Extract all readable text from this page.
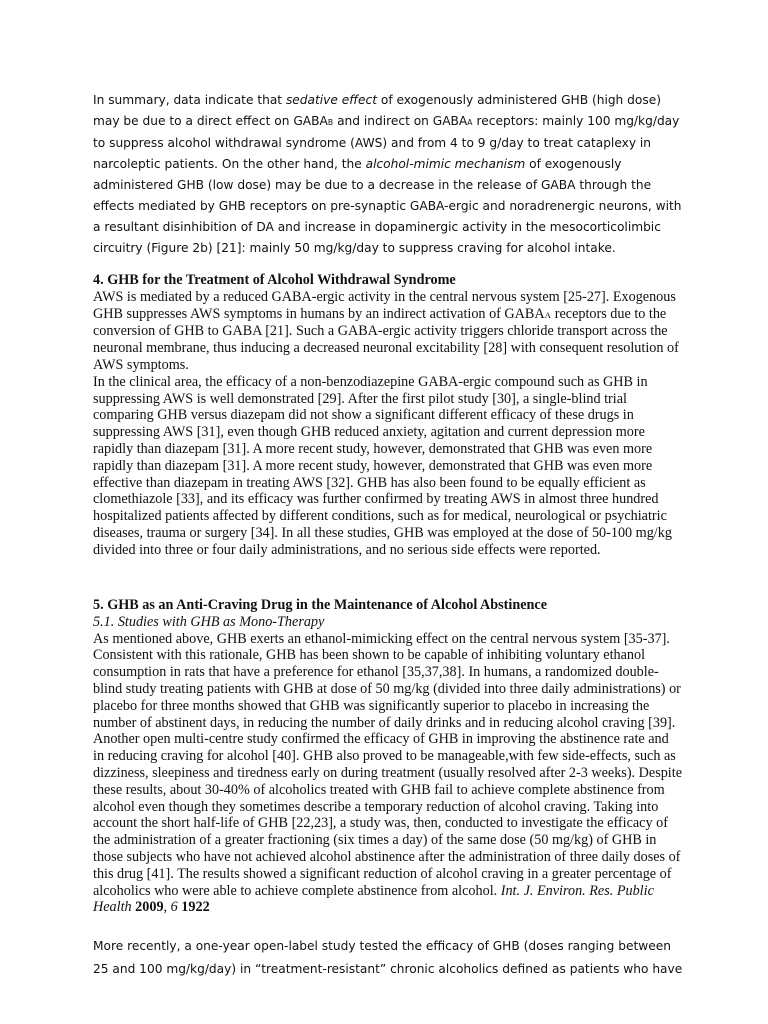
In summary, data indicate that sedative effect of exogenously administered GHB (high dose) may be due to a direct effect on GABAB and indirect on GABAA receptors: mainly 100 mg/kg/day to suppress alcohol withdrawal syndrome (AWS) and from 4 to 9 g/day to treat cataplexy in narcoleptic patients. On the other hand, the alcohol-mimic mechanism of exogenously administered GHB (low dose) may be due to a decrease in the release of GABA through the effects mediated by GHB receptors on pre-synaptic GABA-ergic and noradrenergic neurons, with a resultant disinhibition of DA and increase in dopaminergic activity in the mesocorticolimbic circuitry (Figure 2b) [21]: mainly 50 mg/kg/day to suppress craving for alcohol intake.

4. GHB for the Treatment of Alcohol Withdrawal Syndrome

AWS is mediated by a reduced GABA-ergic activity in the central nervous system [25-27]. Exogenous GHB suppresses AWS symptoms in humans by an indirect activation of GABAA receptors due to the conversion of GHB to GABA [21]. Such a GABA-ergic activity triggers chloride transport across the neuronal membrane, thus inducing a decreased neuronal excitability [28] with consequent resolution of AWS symptoms.

In the clinical area, the efficacy of a non-benzodiazepine GABA-ergic compound such as GHB in suppressing AWS is well demonstrated [29]. After the first pilot study [30], a single-blind trial comparing GHB versus diazepam did not show a significant different efficacy of these drugs in suppressing AWS [31], even though GHB reduced anxiety, agitation and current depression more rapidly than diazepam [31]. A more recent study, however, demonstrated that GHB was even more rapidly than diazepam [31]. A more recent study, however, demonstrated that GHB was even more effective than diazepam in treating AWS [32]. GHB has also been found to be equally efficient as clomethiazole [33], and its efficacy was further confirmed by treating AWS in almost three hundred hospitalized patients affected by different conditions, such as for medical, neurological or psychiatric diseases, trauma or surgery [34]. In all these studies, GHB was employed at the dose of 50-100 mg/kg divided into three or four daily administrations, and no serious side effects were reported.

5. GHB as an Anti-Craving Drug in the Maintenance of Alcohol Abstinence

5.1. Studies with GHB as Mono-Therapy

As mentioned above, GHB exerts an ethanol-mimicking effect on the central nervous system [35-37]. Consistent with this rationale, GHB has been shown to be capable of inhibiting voluntary ethanol consumption in rats that have a preference for ethanol [35,37,38]. In humans, a randomized double-blind study treating patients with GHB at dose of 50 mg/kg (divided into three daily administrations) or placebo for three months showed that GHB was significantly superior to placebo in increasing the number of abstinent days, in reducing the number of daily drinks and in reducing alcohol craving [39]. Another open multi-centre study confirmed the efficacy of GHB in improving the abstinence rate and in reducing craving for alcohol [40]. GHB also proved to be manageable,with few side-effects, such as dizziness, sleepiness and tiredness early on during treatment (usually resolved after 2-3 weeks). Despite these results, about 30-40% of alcoholics treated with GHB fail to achieve complete abstinence from alcohol even though they sometimes describe a temporary reduction of alcohol craving. Taking into account the short half-life of GHB [22,23], a study was, then, conducted to investigate the efficacy of the administration of a greater fractioning (six times a day) of the same dose (50 mg/kg) of GHB in those subjects who have not achieved alcohol abstinence after the administration of three daily doses of this drug [41]. The results showed a significant reduction of alcohol craving in a greater percentage of alcoholics who were able to achieve complete abstinence from alcohol. Int. J. Environ. Res. Public Health 2009, 6 1922

More recently, a one-year open-label study tested the efficacy of GHB (doses ranging between 25 and 100 mg/kg/day) in “treatment-resistant” chronic alcoholics defined as patients who have
